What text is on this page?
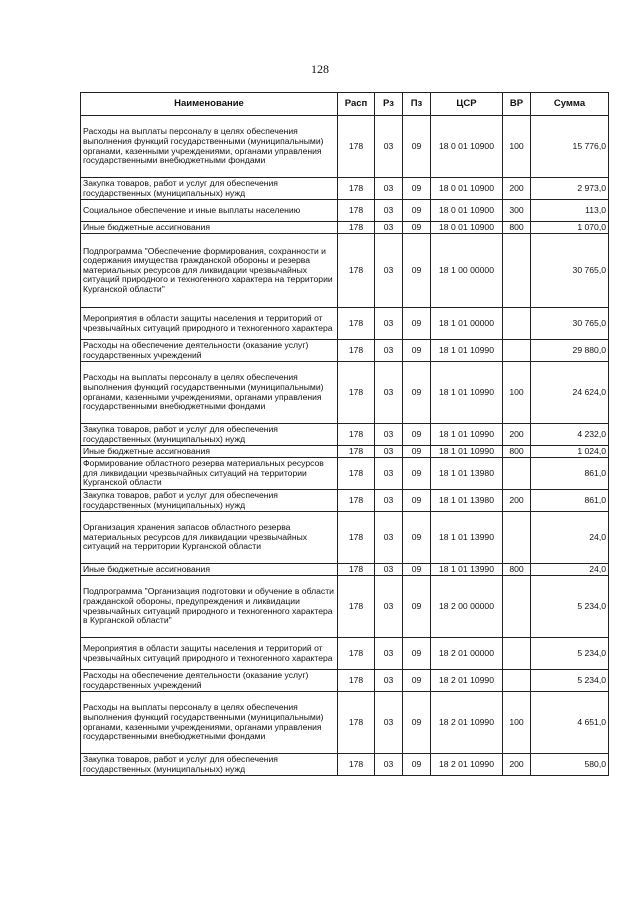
128
Наименование	Расп	Рз	Пз	ЦСР	ВР	Сумма
Расходы на выплаты персоналу в целях обеспечения выполнения функций государственными (муниципальными) органами, казенными учреждениями, органами управления государственными внебюджетными фондами	178	03	09	18 0 01 10900	100	15 776,0
Закупка товаров, работ и услуг для обеспечения государственных (муниципальных) нужд	178	03	09	18 0 01 10900	200	2 973,0
Социальное обеспечение и иные выплаты населению	178	03	09	18 0 01 10900	300	113,0
Иные бюджетные ассигнования	178	03	09	18 0 01 10900	800	1 070,0
Подпрограмма "Обеспечение формирования, сохранности и содержания имущества гражданской обороны и резерва материальных ресурсов для ликвидации чрезвычайных ситуаций природного и техногенного характера на территории Курганской области"	178	03	09	18 1 00 00000		30 765,0
Мероприятия в области защиты населения и территорий от чрезвычайных ситуаций природного и техногенного характера	178	03	09	18 1 01 00000		30 765,0
Расходы на обеспечение деятельности (оказание услуг) государственных учреждений	178	03	09	18 1 01 10990		29 880,0
Расходы на выплаты персоналу в целях обеспечения выполнения функций государственными (муниципальными) органами, казенными учреждениями, органами управления государственными внебюджетными фондами	178	03	09	18 1 01 10990	100	24 624,0
Закупка товаров, работ и услуг для обеспечения государственных (муниципальных) нужд	178	03	09	18 1 01 10990	200	4 232,0
Иные бюджетные ассигнования	178	03	09	18 1 01 10990	800	1 024,0
Формирование областного резерва материальных ресурсов для ликвидации чрезвычайных ситуаций на территории Курганской области	178	03	09	18 1 01 13980		861,0
Закупка товаров, работ и услуг для обеспечения государственных (муниципальных) нужд	178	03	09	18 1 01 13980	200	861,0
Организация хранения запасов областного резерва материальных ресурсов для ликвидации чрезвычайных ситуаций на территории Курганской области	178	03	09	18 1 01 13990		24,0
Иные бюджетные ассигнования	178	03	09	18 1 01 13990	800	24,0
Подпрограмма "Организация подготовки и обучение в области гражданской обороны, предупреждения и ликвидации чрезвычайных ситуаций природного и техногенного характера в Курганской области"	178	03	09	18 2 00 00000		5 234,0
Мероприятия в области защиты населения и территорий от чрезвычайных ситуаций природного и техногенного характера	178	03	09	18 2 01 00000		5 234,0
Расходы на обеспечение деятельности (оказание услуг) государственных учреждений	178	03	09	18 2 01 10990		5 234,0
Расходы на выплаты персоналу в целях обеспечения выполнения функций государственными (муниципальными) органами, казенными учреждениями, органами управления государственными внебюджетными фондами	178	03	09	18 2 01 10990	100	4 651,0
Закупка товаров, работ и услуг для обеспечения государственных (муниципальных) нужд	178	03	09	18 2 01 10990	200	580,0
